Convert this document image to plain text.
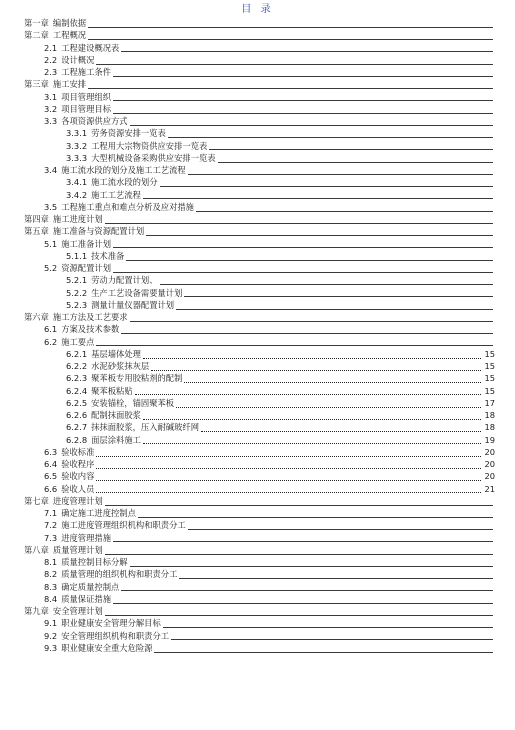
目 录
第一章 编制依据
第二章 工程概况
2.1 工程建设概况表
2.2 设计概况
2.3 工程施工条件
第三章 施工安排
3.1 项目管理组织
3.2 项目管理目标
3.3 各项资源供应方式
3.3.1 劳务资源安排一览表
3.3.2 工程用大宗物资供应安排一览表
3.3.3 大型机械设备采购供应安排一览表
3.4 施工流水段的划分及施工工艺流程
3.4.1 施工流水段的划分
3.4.2 施工工艺流程
3.5 工程施工重点和难点分析及应对措施
第四章 施工进度计划
第五章 施工准备与资源配置计划
5.1 施工准备计划
5.1.1 技术准备
5.2 资源配置计划
5.2.1 劳动力配置计划、
5.2.2 生产工艺设备需要量计划
5.2.3 测量计量仪器配置计划
第六章 施工方法及工艺要求
6.1 方案及技术参数
6.2 施工要点
6.2.1 基层墙体处理	15
6.2.2 水泥砂浆抹灰层	15
6.2.3 聚苯板专用胶粘剂的配制	15
6.2.4 聚苯板粘贴	15
6.2.5 安装锚栓，锚固聚苯板	17
6.2.6 配制抹面胶浆	18
6.2.7 抹抹面胶浆，压入耐碱玻纤网	18
6.2.8 面层涂料施工	19
6.3 验收标准	20
6.4 验收程序	20
6.5 验收内容	20
6.6 验收人员	21
第七章 进度管理计划
7.1 确定施工进度控制点
7.2 施工进度管理组织机构和职责分工
7.3 进度管理措施
第八章 质量管理计划
8.1 质量控制目标分解
8.2 质量管理的组织机构和职责分工
8.3 确定质量控制点
8.4 质量保证措施
第九章 安全管理计划
9.1 职业健康安全管理分解目标
9.2 安全管理组织机构和职责分工
9.3 职业健康安全重大危险源
